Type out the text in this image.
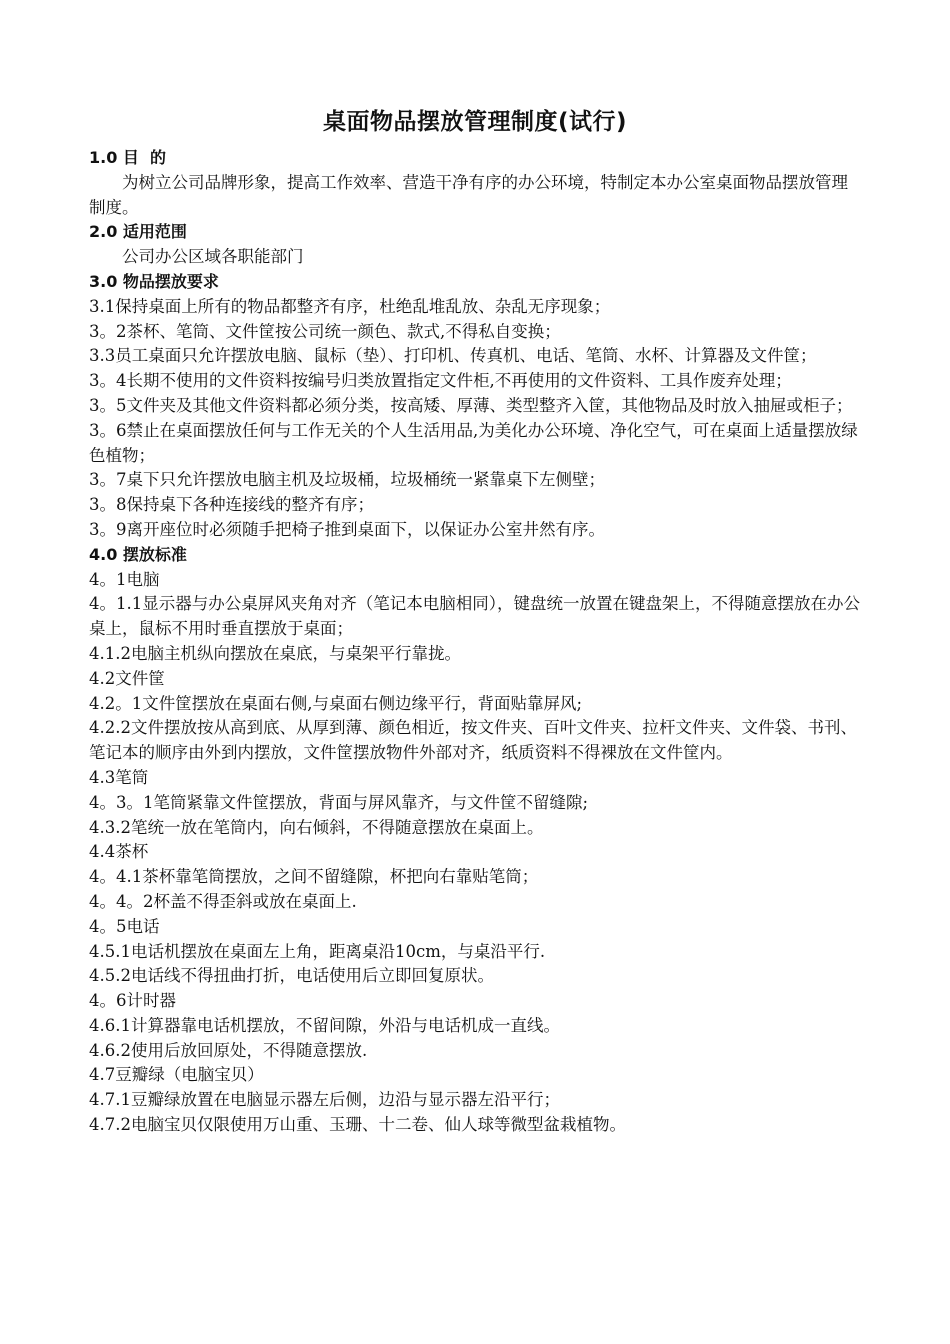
桌面物品摆放管理制度(试行)
1.0 目  的
为树立公司品牌形象，提高工作效率、营造干净有序的办公环境，特制定本办公室桌面物品摆放管理制度。
2.0 适用范围
公司办公区域各职能部门
3.0 物品摆放要求
3.1保持桌面上所有的物品都整齐有序，杜绝乱堆乱放、杂乱无序现象；
3。2茶杯、笔筒、文件筐按公司统一颜色、款式,不得私自变换；
3.3员工桌面只允许摆放电脑、鼠标（垫）、打印机、传真机、电话、笔筒、水杯、计算器及文件筐；
3。4长期不使用的文件资料按编号归类放置指定文件柜,不再使用的文件资料、工具作废弃处理；
3。5文件夹及其他文件资料都必须分类，按高矮、厚薄、类型整齐入筐，其他物品及时放入抽屉或柜子；
3。6禁止在桌面摆放任何与工作无关的个人生活用品,为美化办公环境、净化空气，可在桌面上适量摆放绿色植物；
3。7桌下只允许摆放电脑主机及垃圾桶，垃圾桶统一紧靠桌下左侧壁；
3。8保持桌下各种连接线的整齐有序；
3。9离开座位时必须随手把椅子推到桌面下，以保证办公室井然有序。
4.0 摆放标准
4。1电脑
4。1.1显示器与办公桌屏风夹角对齐（笔记本电脑相同），键盘统一放置在键盘架上，不得随意摆放在办公桌上，鼠标不用时垂直摆放于桌面；
4.1.2电脑主机纵向摆放在桌底，与桌架平行靠拢。
4.2文件筐
4.2。1文件筐摆放在桌面右侧,与桌面右侧边缘平行，背面贴靠屏风;
4.2.2文件摆放按从高到底、从厚到薄、颜色相近，按文件夹、百叶文件夹、拉杆文件夹、文件袋、书刊、笔记本的顺序由外到内摆放，文件筐摆放物件外部对齐，纸质资料不得裸放在文件筐内。
4.3笔筒
4。3。1笔筒紧靠文件筐摆放，背面与屏风靠齐，与文件筐不留缝隙;
4.3.2笔统一放在笔筒内，向右倾斜，不得随意摆放在桌面上。
4.4茶杯
4。4.1茶杯靠笔筒摆放，之间不留缝隙，杯把向右靠贴笔筒；
4。4。2杯盖不得歪斜或放在桌面上.
4。5电话
4.5.1电话机摆放在桌面左上角，距离桌沿10cm，与桌沿平行.
4.5.2电话线不得扭曲打折，电话使用后立即回复原状。
4。6计时器
4.6.1计算器靠电话机摆放，不留间隙，外沿与电话机成一直线。
4.6.2使用后放回原处，不得随意摆放.
4.7豆瓣绿（电脑宝贝）
4.7.1豆瓣绿放置在电脑显示器左后侧，边沿与显示器左沿平行；
4.7.2电脑宝贝仅限使用万山重、玉珊、十二卷、仙人球等微型盆栽植物。
